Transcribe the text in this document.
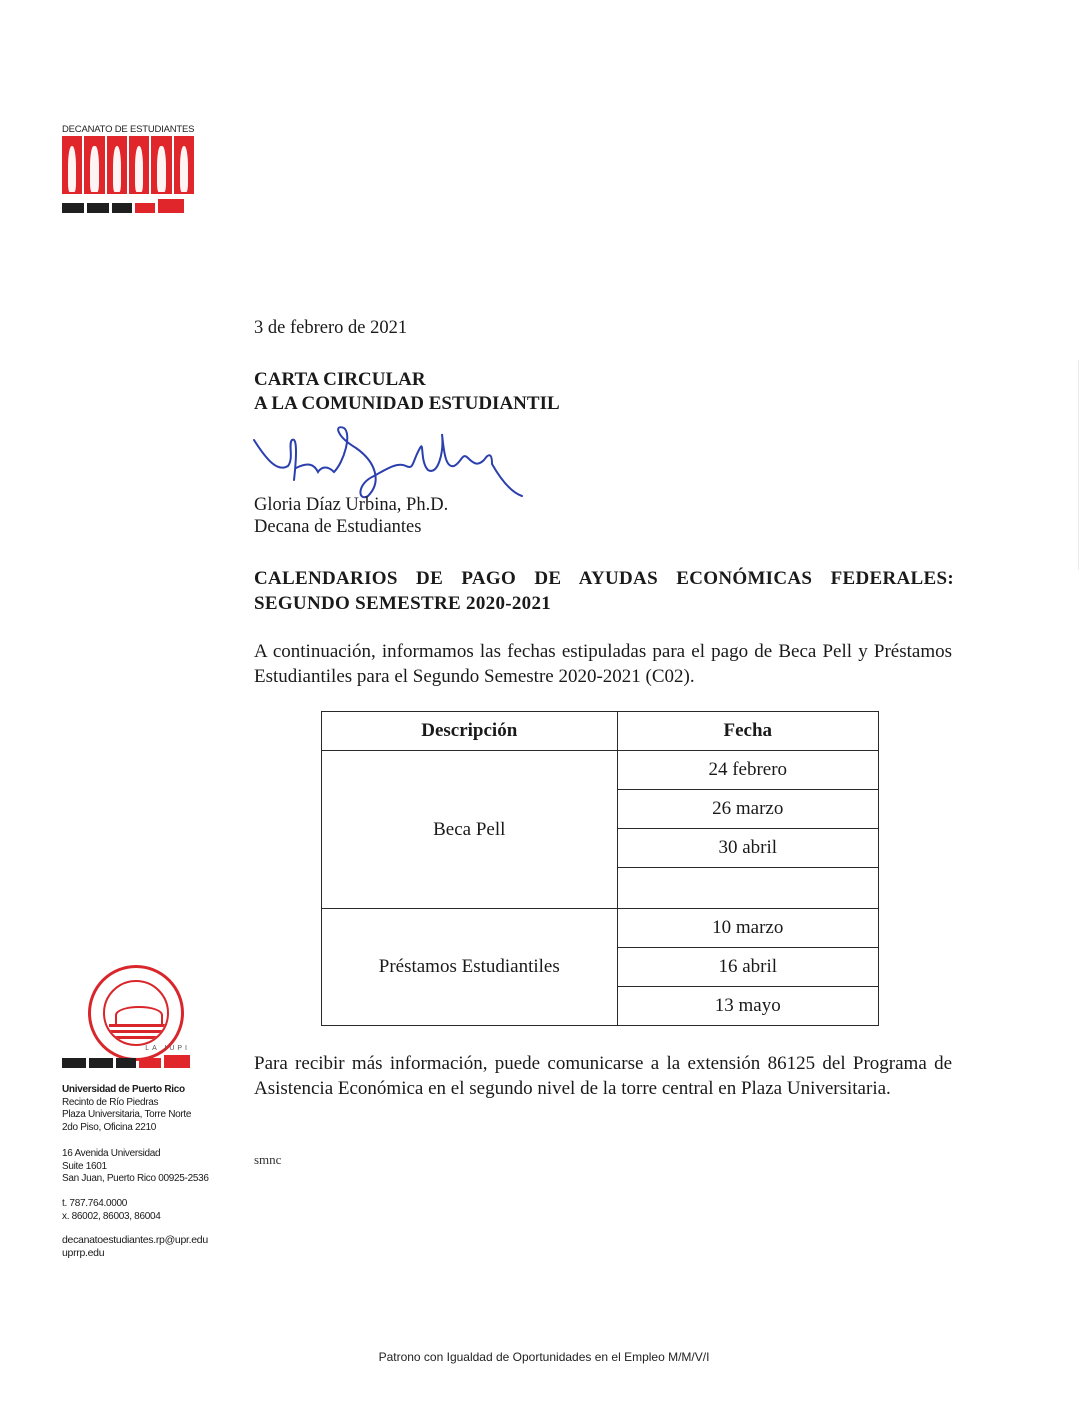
DECANATO DE ESTUDIANTES
3 de febrero de 2021
CARTA CIRCULAR
A LA COMUNIDAD ESTUDIANTIL
Gloria Díaz Urbina, Ph.D.
Decana de Estudiantes
CALENDARIOS DE PAGO DE AYUDAS ECONÓMICAS FEDERALES:
SEGUNDO SEMESTRE 2020-2021
A continuación, informamos las fechas estipuladas para el pago de Beca Pell y Préstamos Estudiantiles para el Segundo Semestre 2020-2021 (C02).
Descripción	Fecha
Beca Pell	24 febrero
	26 marzo
	30 abril

Préstamos Estudiantiles	10 marzo
	16 abril
	13 mayo
Para recibir más información, puede comunicarse a la extensión 86125 del Programa de Asistencia Económica en el segundo nivel de la torre central en Plaza Universitaria.
smnc
LA IUPI
Universidad de Puerto Rico
Recinto de Río Piedras
Plaza Universitaria, Torre Norte
2do Piso, Oficina 2210
16 Avenida Universidad
Suite 1601
San Juan, Puerto Rico 00925-2536
t. 787.764.0000
x. 86002, 86003, 86004
decanatoestudiantes.rp@upr.edu
uprrp.edu
Patrono con Igualdad de Oportunidades en el Empleo M/M/V/I
